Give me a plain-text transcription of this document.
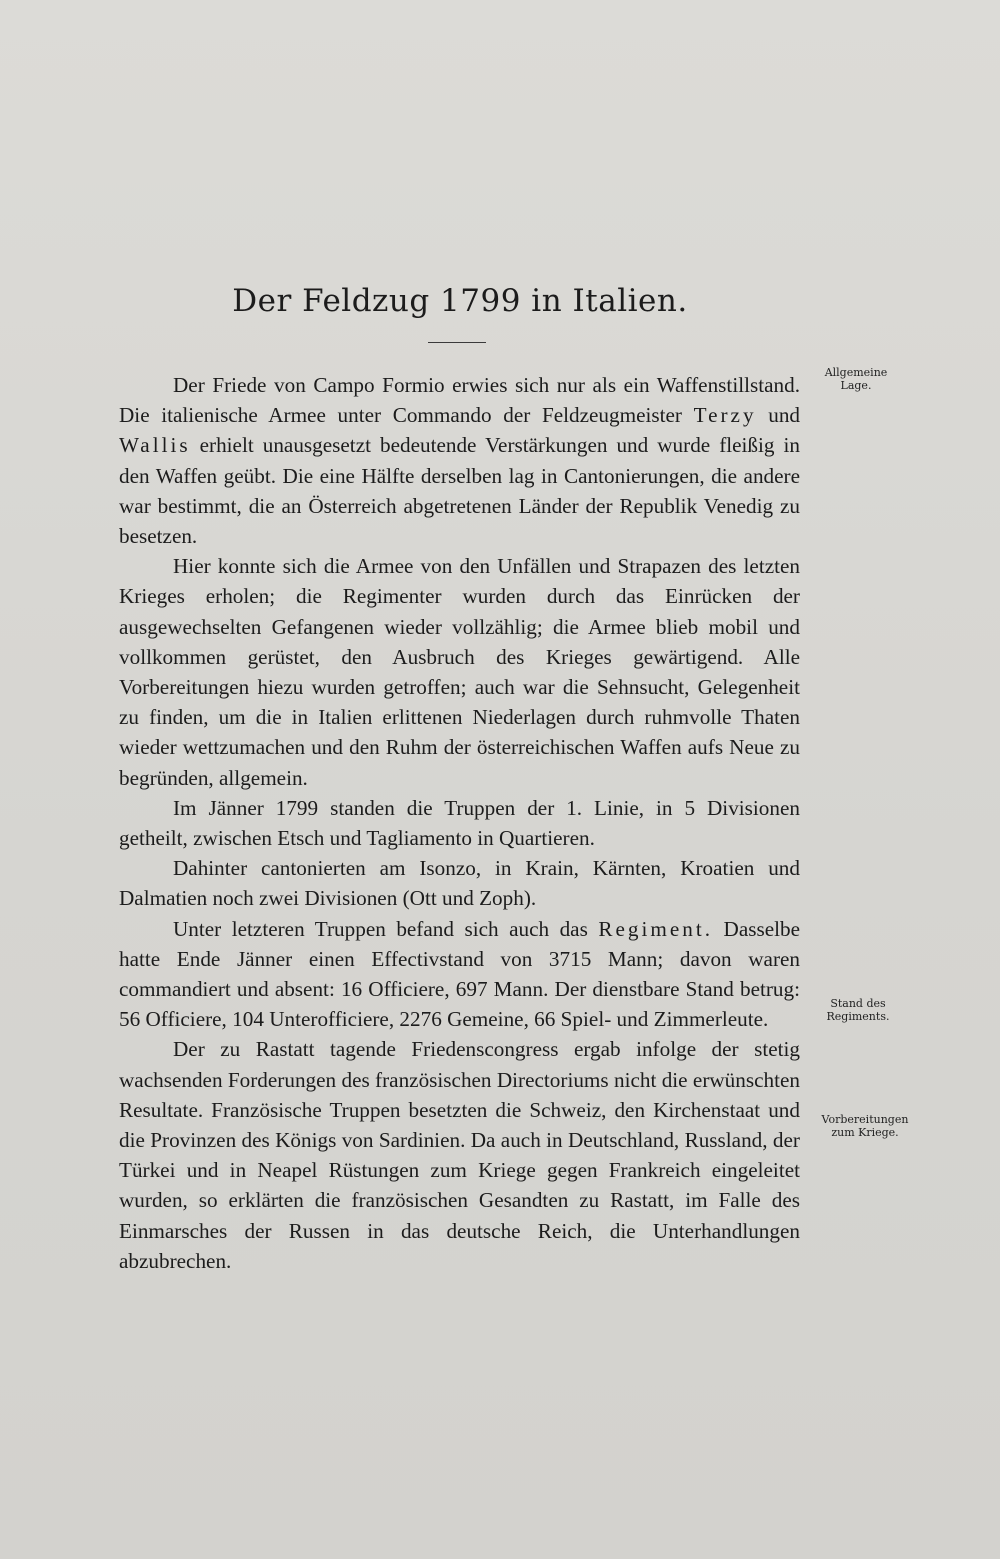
Der Feldzug 1799 in Italien.

Der Friede von Campo Formio erwies sich nur als ein Waffenstillstand. Die italienische Armee unter Commando der Feldzeugmeister Terzy und Wallis erhielt unausgesetzt bedeutende Verstärkungen und wurde fleißig in den Waffen geübt. Die eine Hälfte derselben lag in Cantonierungen, die andere war bestimmt, die an Österreich abgetretenen Länder der Republik Venedig zu besetzen.

Hier konnte sich die Armee von den Unfällen und Strapazen des letzten Krieges erholen; die Regimenter wurden durch das Einrücken der ausgewechselten Gefangenen wieder vollzählig; die Armee blieb mobil und vollkommen gerüstet, den Ausbruch des Krieges gewärtigend. Alle Vorbereitungen hiezu wurden getroffen; auch war die Sehnsucht, Gelegenheit zu finden, um die in Italien erlittenen Niederlagen durch ruhmvolle Thaten wieder wettzumachen und den Ruhm der österreichischen Waffen aufs Neue zu begründen, allgemein.

Im Jänner 1799 standen die Truppen der 1. Linie, in 5 Divisionen getheilt, zwischen Etsch und Tagliamento in Quartieren.

Dahinter cantonierten am Isonzo, in Krain, Kärnten, Kroatien und Dalmatien noch zwei Divisionen (Ott und Zoph).

Unter letzteren Truppen befand sich auch das Regiment. Dasselbe hatte Ende Jänner einen Effectivstand von 3715 Mann; davon waren commandiert und absent: 16 Officiere, 697 Mann. Der dienstbare Stand betrug: 56 Officiere, 104 Unterofficiere, 2276 Gemeine, 66 Spiel- und Zimmerleute.

Der zu Rastatt tagende Friedenscongress ergab infolge der stetig wachsenden Forderungen des französischen Directoriums nicht die erwünschten Resultate. Französische Truppen besetzten die Schweiz, den Kirchenstaat und die Provinzen des Königs von Sardinien. Da auch in Deutschland, Russland, der Türkei und in Neapel Rüstungen zum Kriege gegen Frankreich eingeleitet wurden, so erklärten die französischen Gesandten zu Rastatt, im Falle des Einmarsches der Russen in das deutsche Reich, die Unterhandlungen abzubrechen.

Allgemeine
Lage.
Stand des
Regiments.
Vorbereitungen
zum Kriege.
